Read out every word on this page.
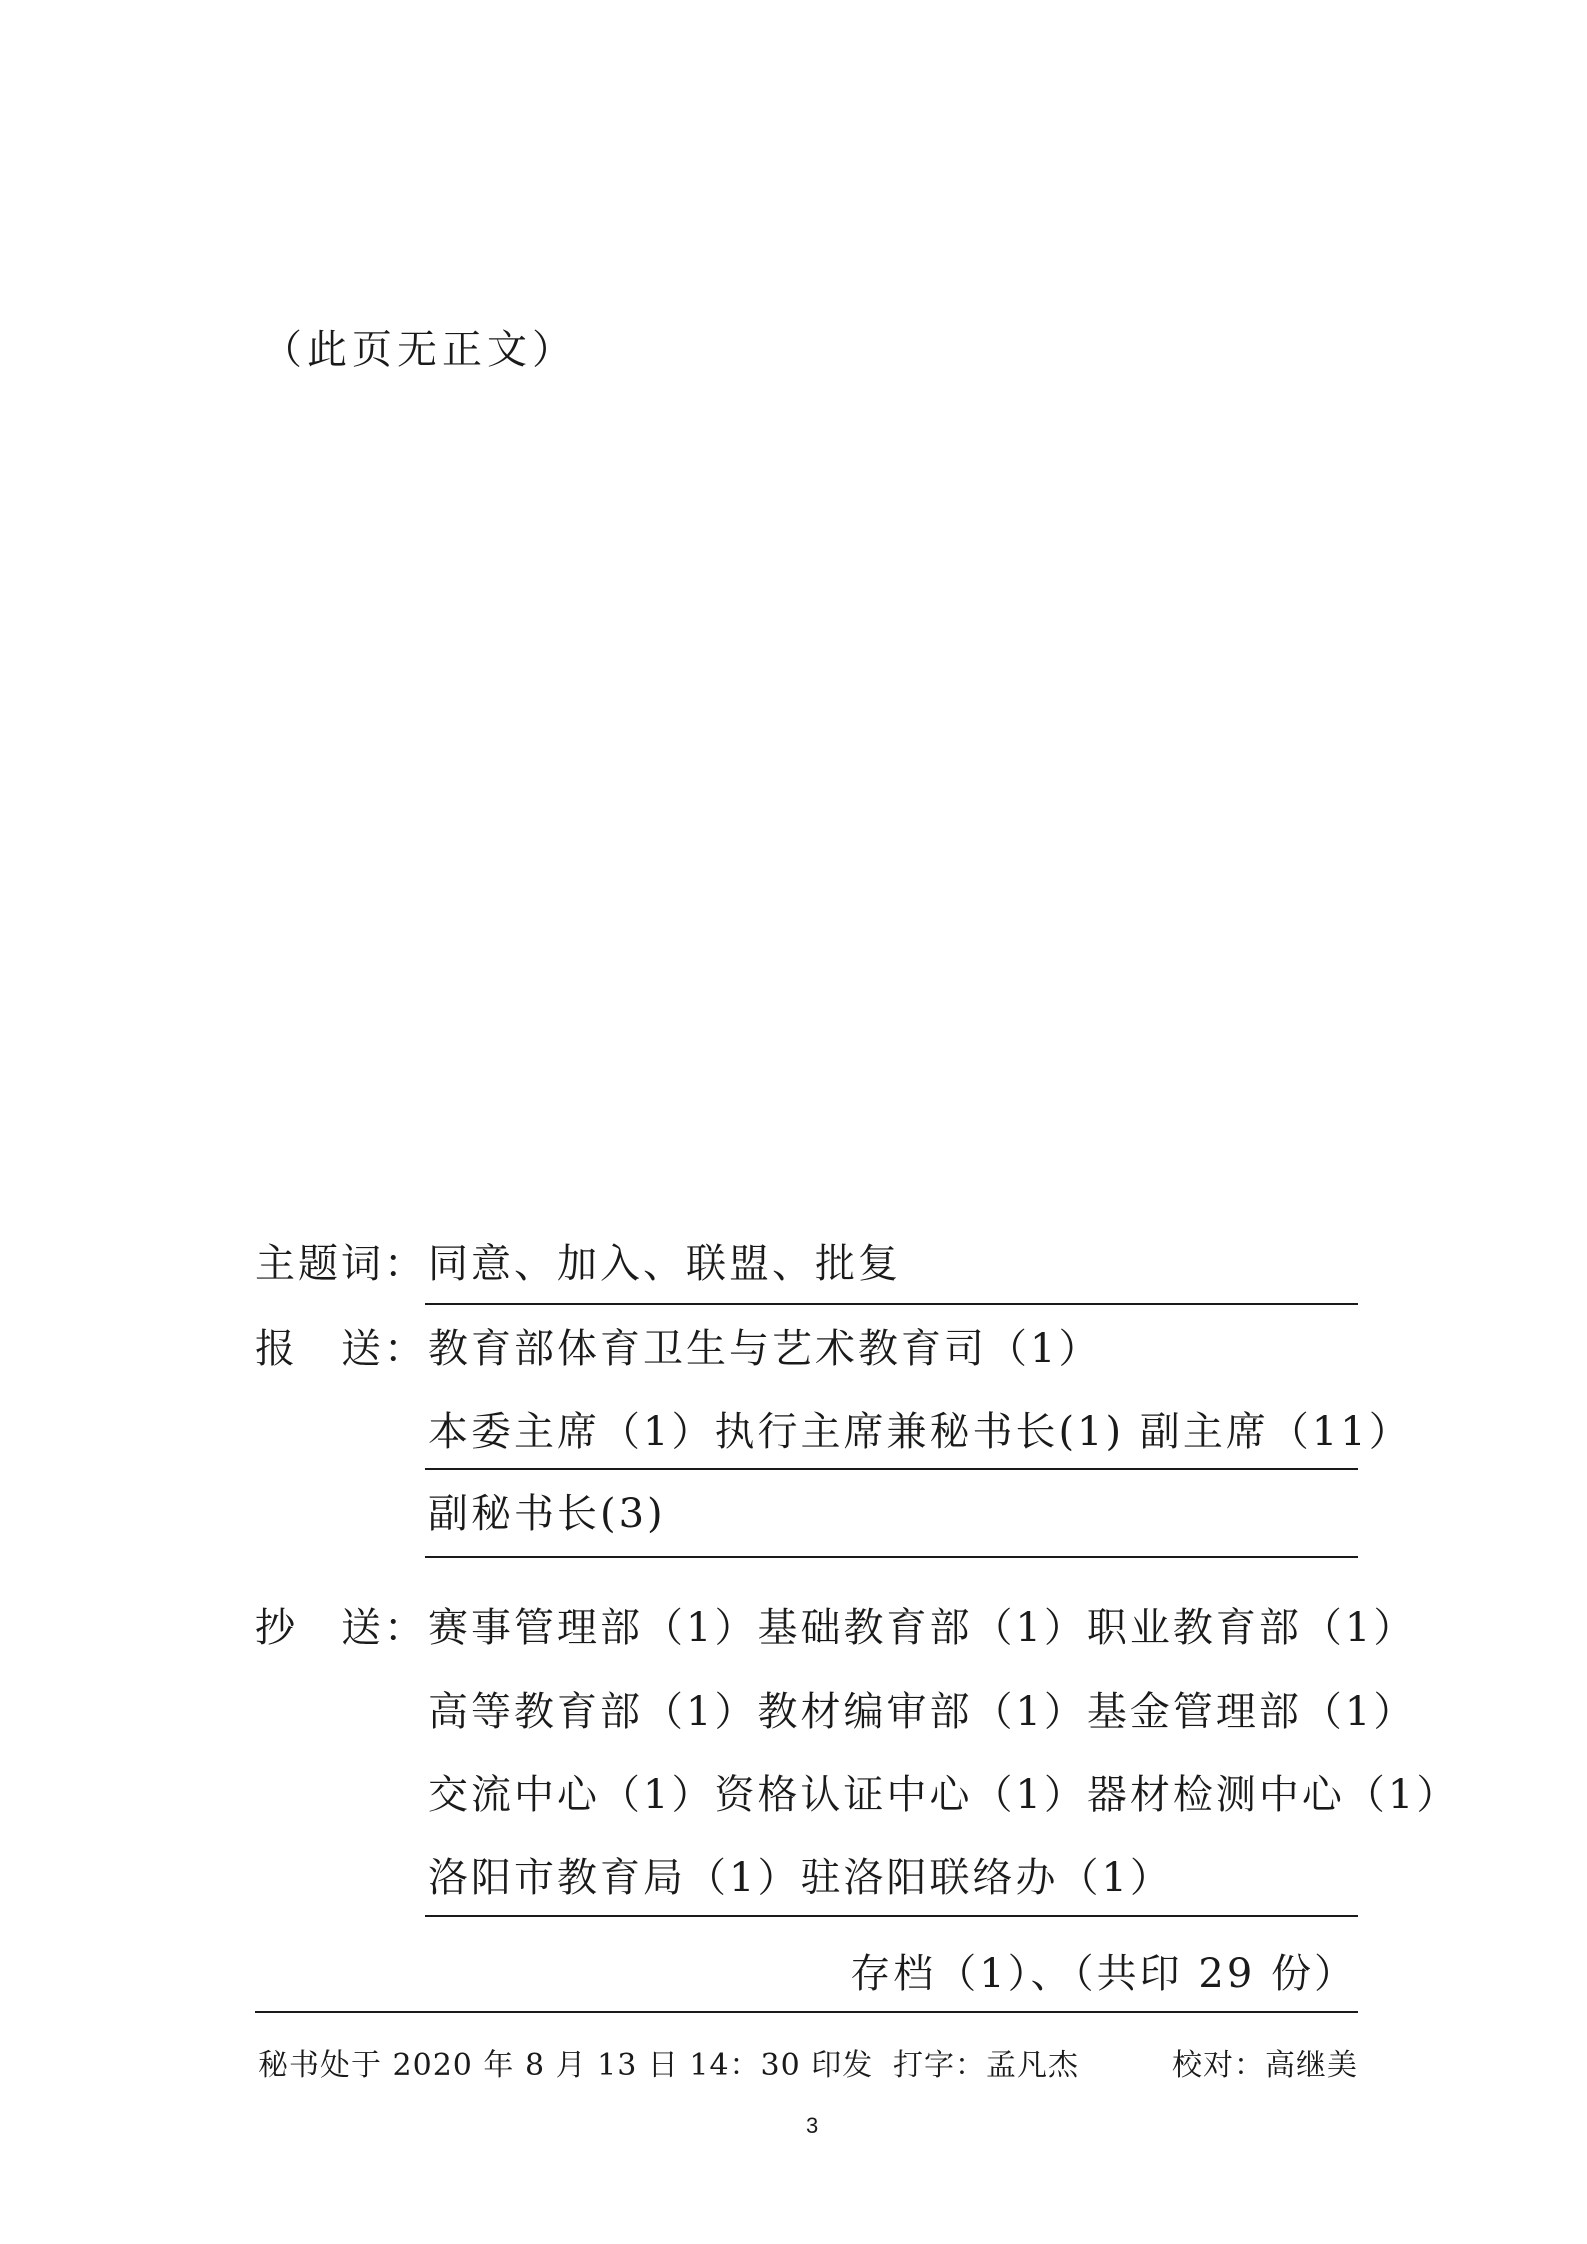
（此页无正文）
主题词： 同意、加入、联盟、批复
报　送： 教育部体育卫生与艺术教育司（1）
本委主席（1）执行主席兼秘书长(1) 副主席（11）
副秘书长(3)
抄　送： 赛事管理部（1）基础教育部（1）职业教育部（1）
高等教育部（1）教材编审部（1）基金管理部（1）
交流中心（1）资格认证中心（1）器材检测中心（1）
洛阳市教育局（1）驻洛阳联络办（1）
存档（1）、（共印 29 份）
秘书处于 2020 年 8 月 13 日 14：30 印发 打字：孟凡杰	校对：高继美
3
